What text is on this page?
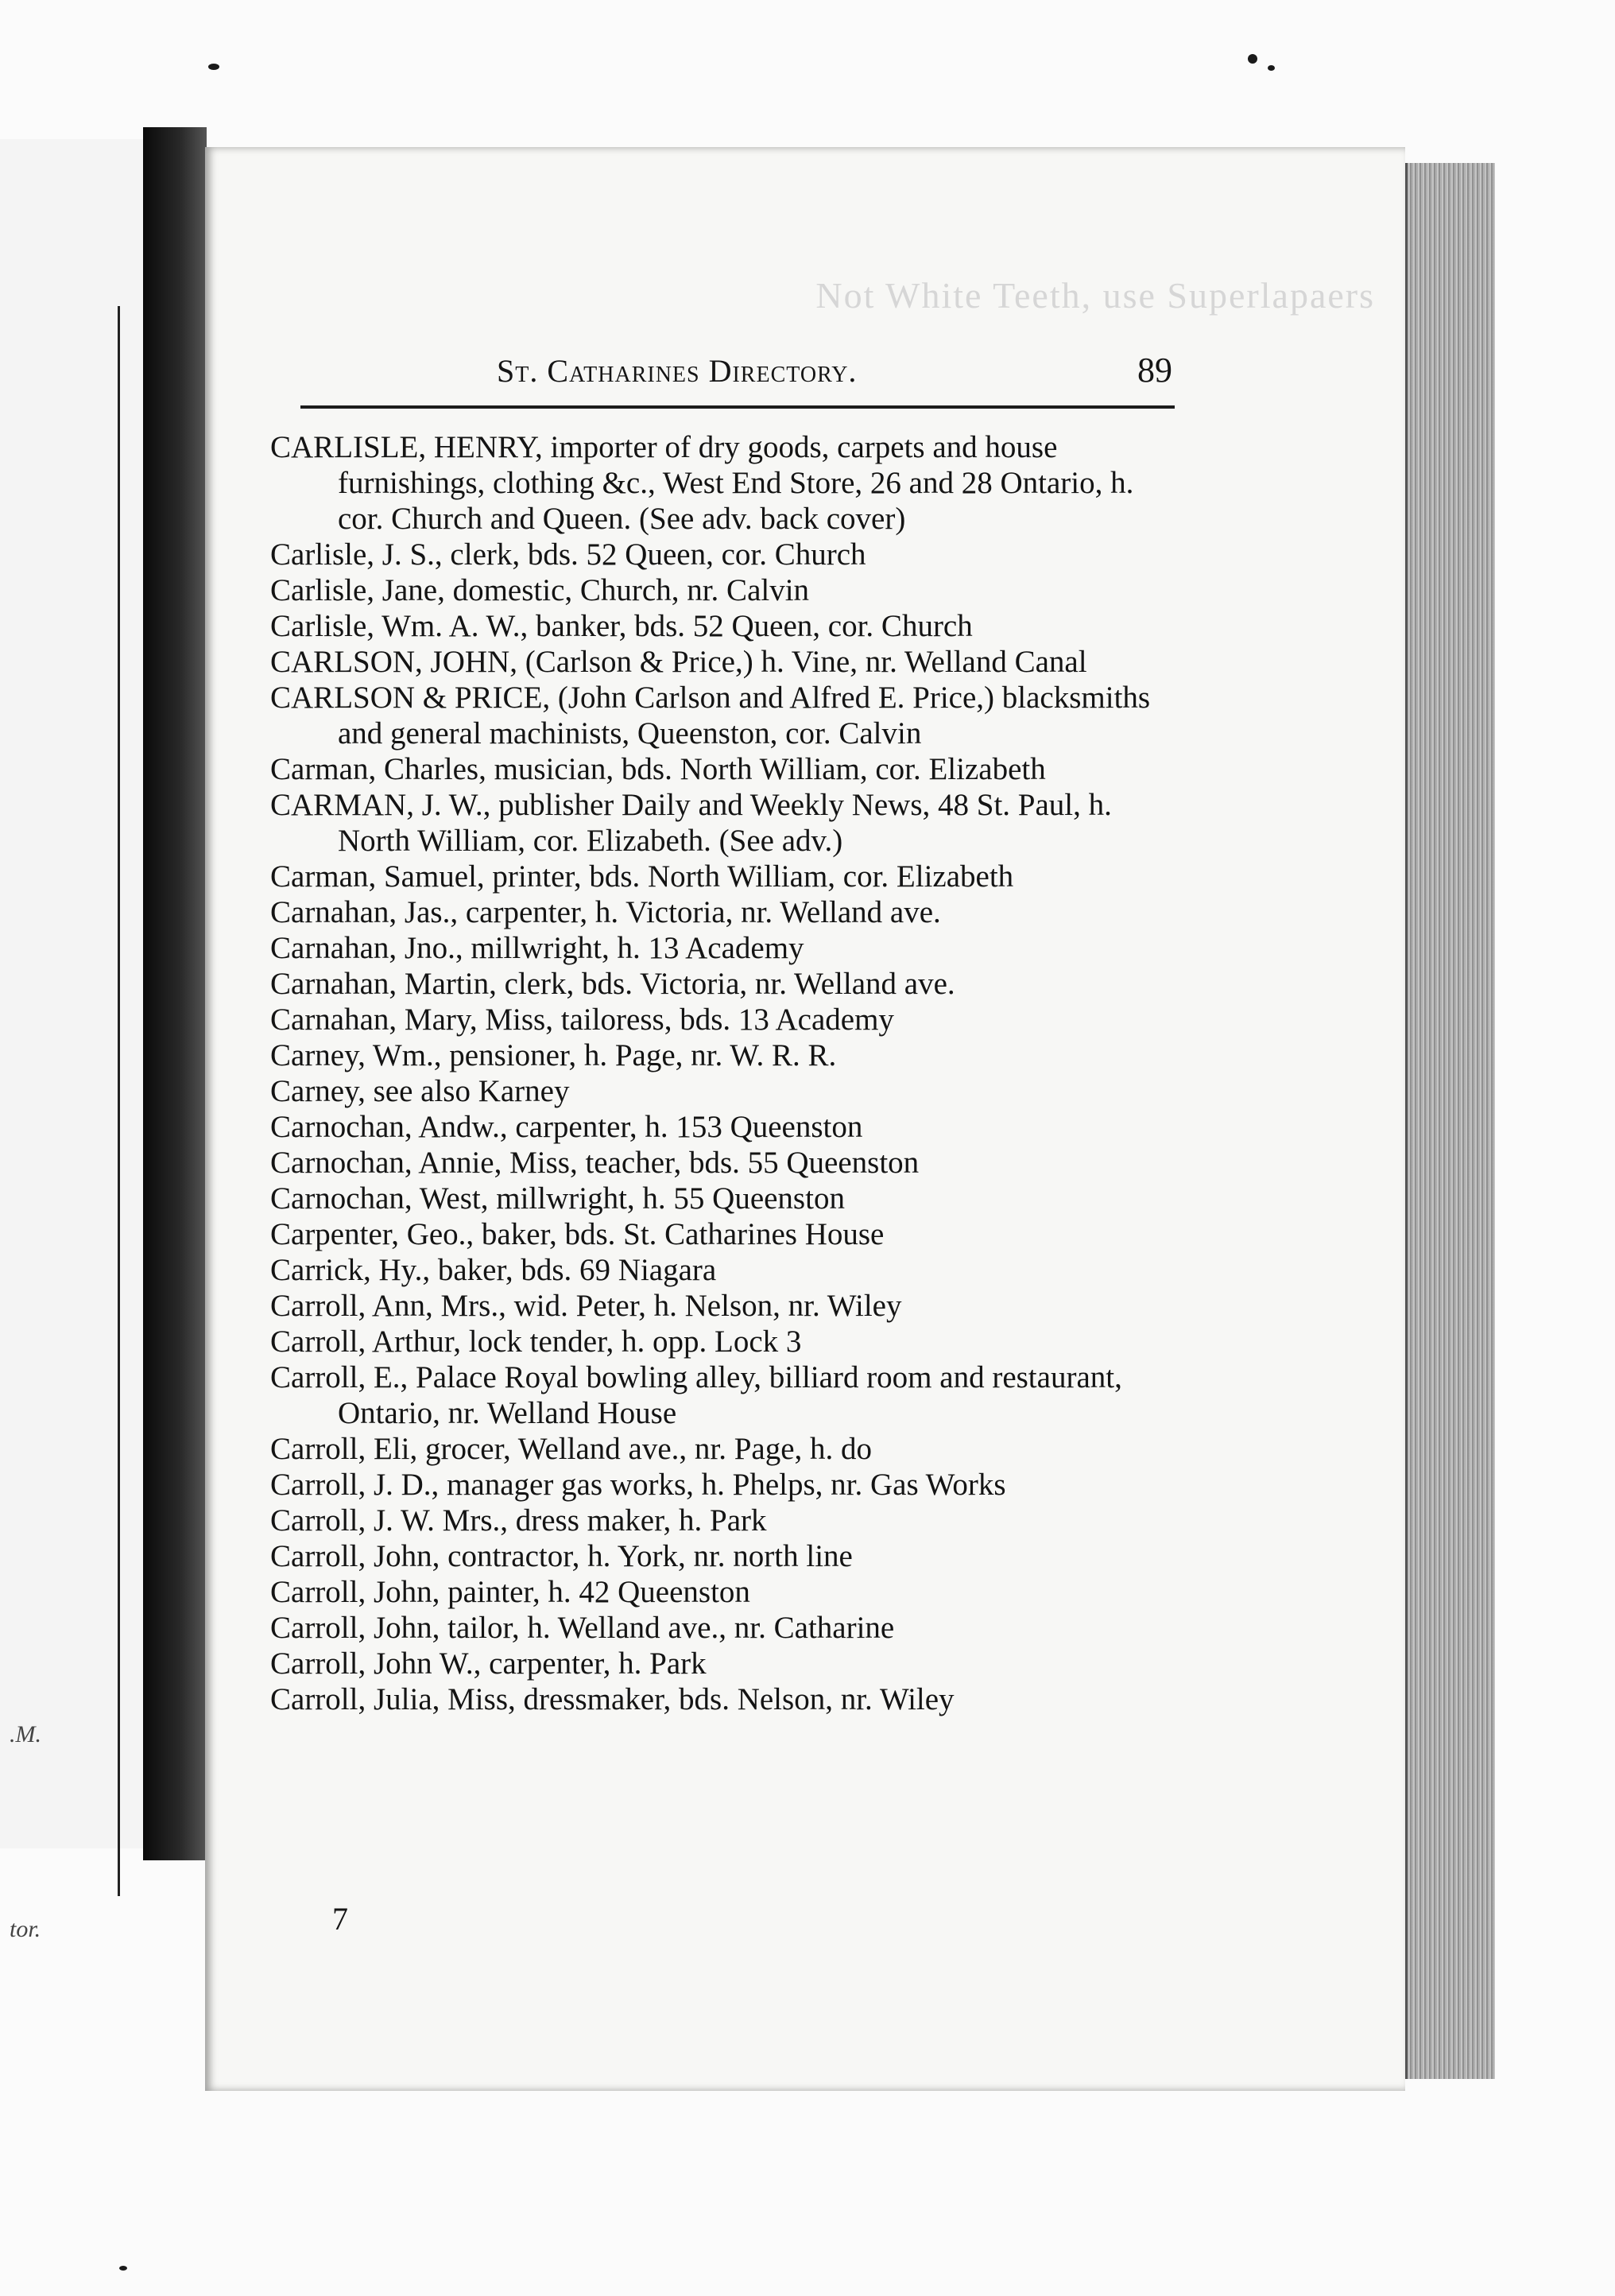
.M.
tor.
Not White Teeth, use Superlapaers
St. Catharines Directory.	89

CARLISLE, HENRY, importer of dry goods, carpets and house furnishings, clothing &c., West End Store, 26 and 28 Ontario, h. cor. Church and Queen. (See adv. back cover)

Carlisle, J. S., clerk, bds. 52 Queen, cor. Church

Carlisle, Jane, domestic, Church, nr. Calvin

Carlisle, Wm. A. W., banker, bds. 52 Queen, cor. Church

CARLSON, JOHN, (Carlson & Price,) h. Vine, nr. Welland Canal

CARLSON & PRICE, (John Carlson and Alfred E. Price,) blacksmiths and general machinists, Queenston, cor. Calvin

Carman, Charles, musician, bds. North William, cor. Elizabeth

CARMAN, J. W., publisher Daily and Weekly News, 48 St. Paul, h. North William, cor. Elizabeth. (See adv.)

Carman, Samuel, printer, bds. North William, cor. Elizabeth

Carnahan, Jas., carpenter, h. Victoria, nr. Welland ave.

Carnahan, Jno., millwright, h. 13 Academy

Carnahan, Martin, clerk, bds. Victoria, nr. Welland ave.

Carnahan, Mary, Miss, tailoress, bds. 13 Academy

Carney, Wm., pensioner, h. Page, nr. W. R. R.

Carney, see also Karney

Carnochan, Andw., carpenter, h. 153 Queenston

Carnochan, Annie, Miss, teacher, bds. 55 Queenston

Carnochan, West, millwright, h. 55 Queenston

Carpenter, Geo., baker, bds. St. Catharines House

Carrick, Hy., baker, bds. 69 Niagara

Carroll, Ann, Mrs., wid. Peter, h. Nelson, nr. Wiley

Carroll, Arthur, lock tender, h. opp. Lock 3

Carroll, E., Palace Royal bowling alley, billiard room and restaurant, Ontario, nr. Welland House

Carroll, Eli, grocer, Welland ave., nr. Page, h. do

Carroll, J. D., manager gas works, h. Phelps, nr. Gas Works

Carroll, J. W. Mrs., dress maker, h. Park

Carroll, John, contractor, h. York, nr. north line

Carroll, John, painter, h. 42 Queenston

Carroll, John, tailor, h. Welland ave., nr. Catharine

Carroll, John W., carpenter, h. Park

Carroll, Julia, Miss, dressmaker, bds. Nelson, nr. Wiley

7
